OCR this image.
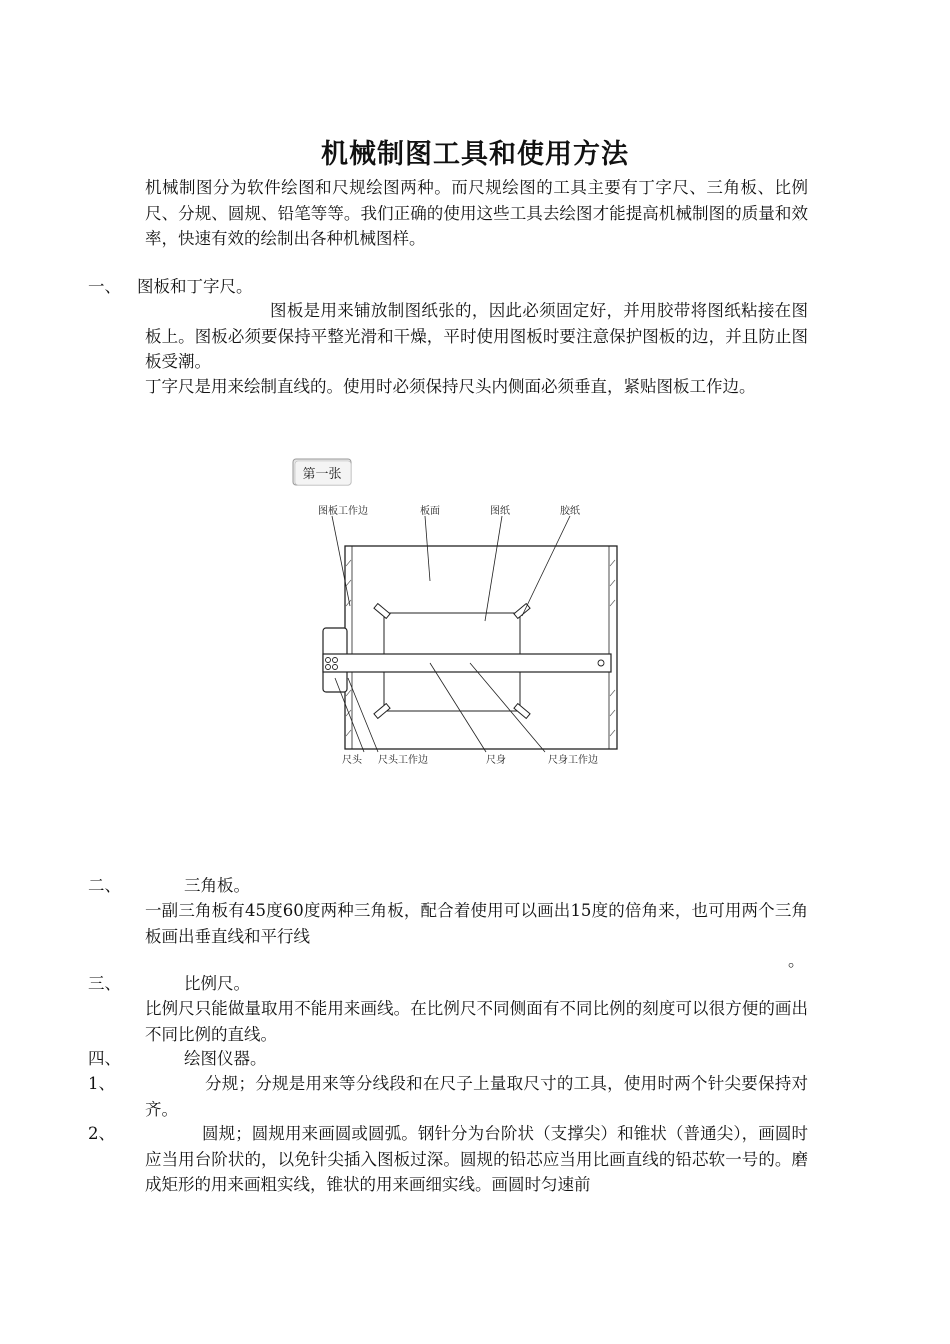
机械制图工具和使用方法
机械制图分为软件绘图和尺规绘图两种。而尺规绘图的工具主要有丁字尺、三角板、比例尺、分规、圆规、铅笔等等。我们正确的使用这些工具去绘图才能提高机械制图的质量和效率，快速有效的绘制出各种机械图样。
一、 图板和丁字尺。
图板是用来铺放制图纸张的，因此必须固定好，并用胶带将图纸粘接在图板上。图板必须要保持平整光滑和干燥，平时使用图板时要注意保护图板的边，并且防止图板受潮。
丁字尺是用来绘制直线的。使用时必须保持尺头内侧面必须垂直，紧贴图板工作边。
第一张
图板工作边	板面	图纸	胶纸
尺头 尺头工作边	尺身	尺身工作边
二、	三角板。
一副三角板有45度60度两种三角板，配合着使用可以画出15度的倍角来，也可用两个三角板画出垂直线和平行线
。
三、	比例尺。
比例尺只能做量取用不能用来画线。在比例尺不同侧面有不同比例的刻度可以很方便的画出不同比例的直线。
四、	绘图仪器。
1、	分规；分规是用来等分线段和在尺子上量取尺寸的工具，使用时两个针尖要保持对齐。
2、	圆规；圆规用来画圆或圆弧。钢针分为台阶状（支撑尖）和锥状（普通尖），画圆时应当用台阶状的，以免针尖插入图板过深。圆规的铅芯应当用比画直线的铅芯软一号的。磨成矩形的用来画粗实线，锥状的用来画细实线。画圆时匀速前
